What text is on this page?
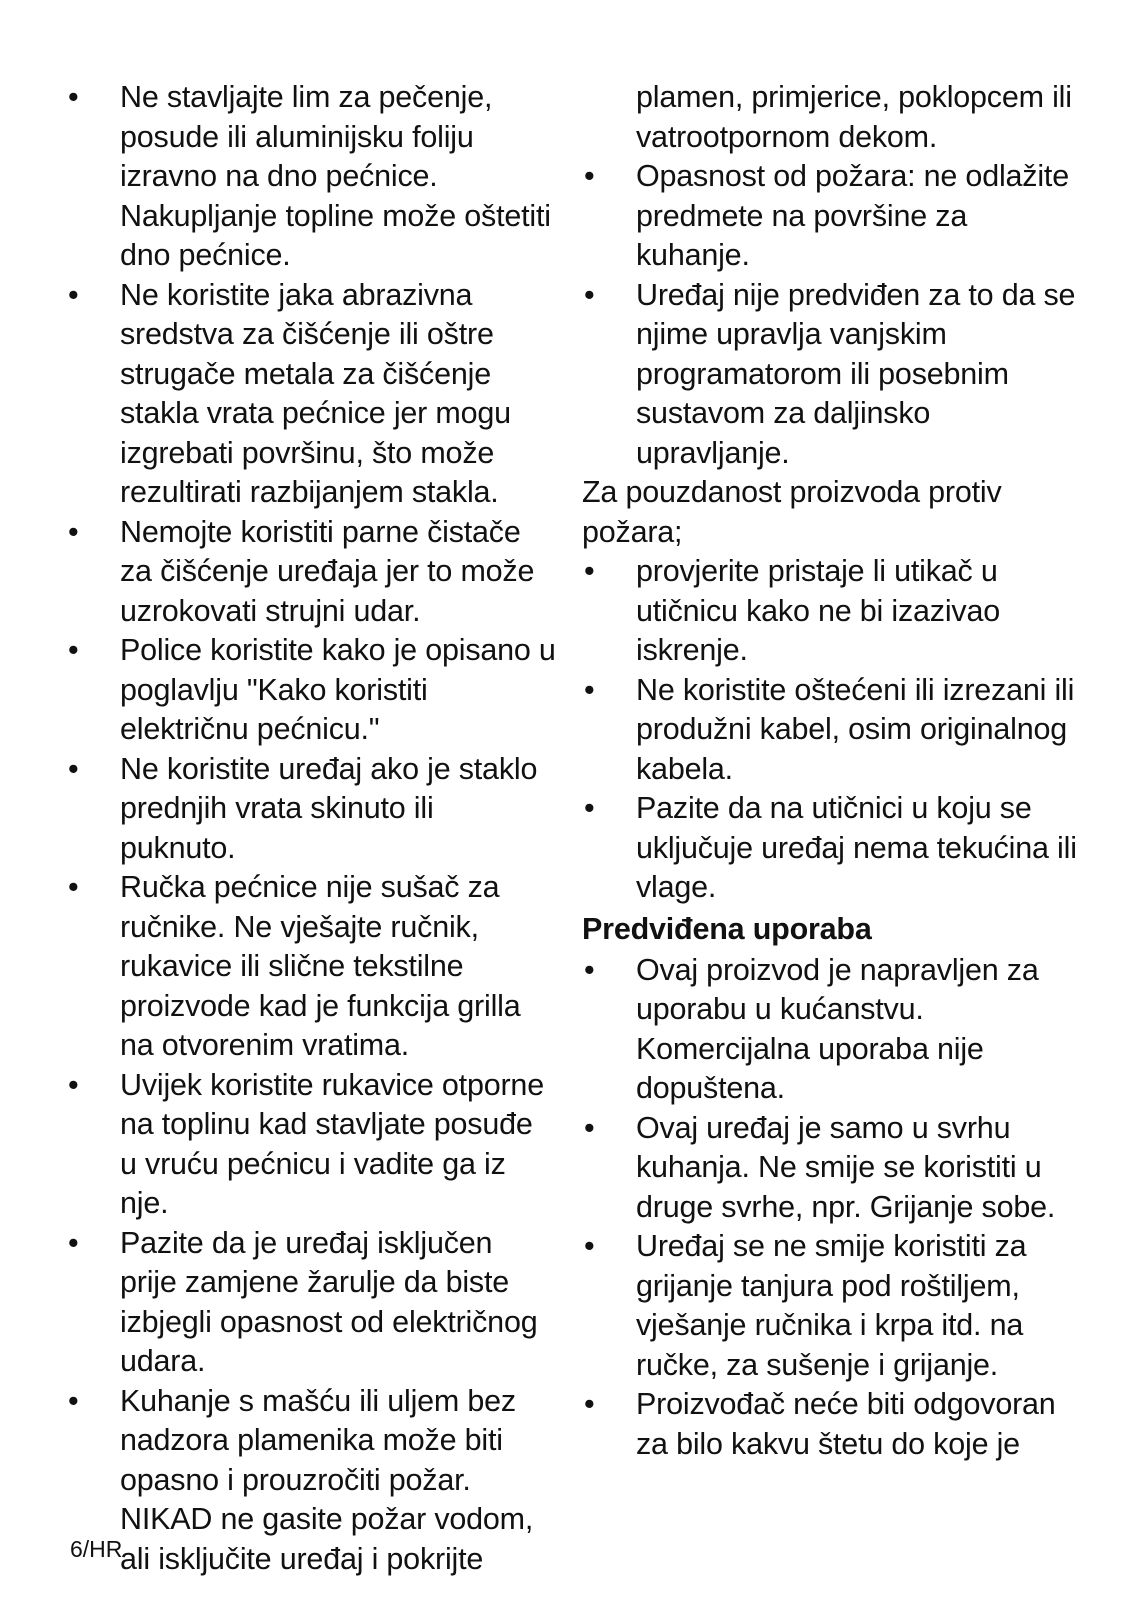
•	Ne stavljajte lim za pečenje, posude ili aluminijsku foliju izravno na dno pećnice. Nakupljanje topline može oštetiti dno pećnice.
•	Ne koristite jaka abrazivna sredstva za čišćenje ili oštre strugače metala za čišćenje stakla vrata pećnice jer mogu izgrebati površinu, što može rezultirati razbijanjem stakla.
•	Nemojte koristiti parne čistače za čišćenje uređaja jer to može uzrokovati strujni udar.
•	Police koristite kako je opisano u poglavlju "Kako koristiti električnu pećnicu."
•	Ne koristite uređaj ako je staklo prednjih vrata skinuto ili puknuto.
•	Ručka pećnice nije sušač za ručnike. Ne vješajte ručnik, rukavice ili slične tekstilne proizvode kad je funkcija grilla na otvorenim vratima.
•	Uvijek koristite rukavice otporne na toplinu kad stavljate posuđe u vruću pećnicu i vadite ga iz nje.
•	Pazite da je uređaj isključen prije zamjene žarulje da biste izbjegli opasnost od električnog udara.
•	Kuhanje s mašću ili uljem bez nadzora plamenika može biti opasno i prouzročiti požar. NIKAD ne gasite požar vodom, ali isključite uređaj i pokrijte

plamen, primjerice, poklopcem ili vatrootpornom dekom.

•	Opasnost od požara: ne odlažite predmete na površine za kuhanje.
•	Uređaj nije predviđen za to da se njime upravlja vanjskim programatorom ili posebnim sustavom za daljinsko upravljanje.

Za pouzdanost proizvoda protiv požara;

•	provjerite pristaje li utikač u utičnicu kako ne bi izazivao iskrenje.
•	Ne koristite oštećeni ili izrezani ili produžni kabel, osim originalnog kabela.
•	Pazite da na utičnici u koju se uključuje uređaj nema tekućina ili vlage.
Predviđena uporaba
•	Ovaj proizvod je napravljen za uporabu u kućanstvu. Komercijalna uporaba nije dopuštena.
•	Ovaj uređaj je samo u svrhu kuhanja. Ne smije se koristiti u druge svrhe, npr. Grijanje sobe.
•	Uređaj se ne smije koristiti za grijanje tanjura pod roštiljem, vješanje ručnika i krpa itd. na ručke, za sušenje i grijanje.
•	Proizvođač neće biti odgovoran za bilo kakvu štetu do koje je
6/HR
